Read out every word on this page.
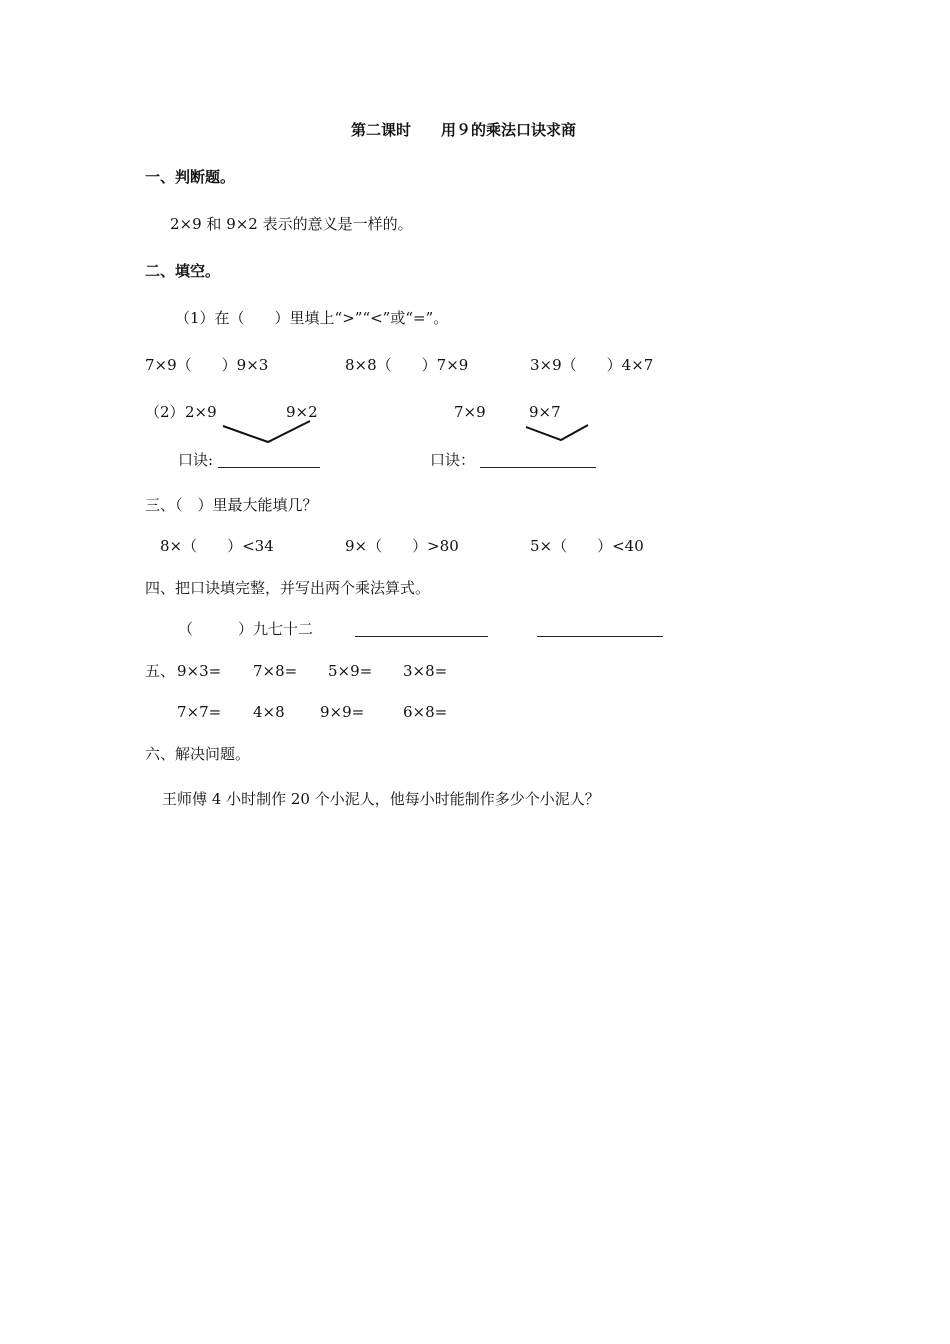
第二课时　　用９的乘法口诀求商
一、判断题。
2×9 和 9×2 表示的意义是一样的。
二、填空。
（1）在（　　）里填上“>”“<”或“=”。
7×9（　　）9×3	8×8（　　）7×9	3×9（　　）4×7
（2） 2×9	9×2	7×9	9×7
口诀:	口诀：
三、（　）里最大能填几？
8×（　　）<34	9×（　　）>80	5×（　　）<40
四、把口诀填完整，并写出两个乘法算式。
（　　　）九七十二
五、 9×3= 7×8= 5×9= 3×8=
7×7= 4×8 9×9=	6×8=
六、解决问题。
王师傅 4 小时制作 20 个小泥人，他每小时能制作多少个小泥人？
